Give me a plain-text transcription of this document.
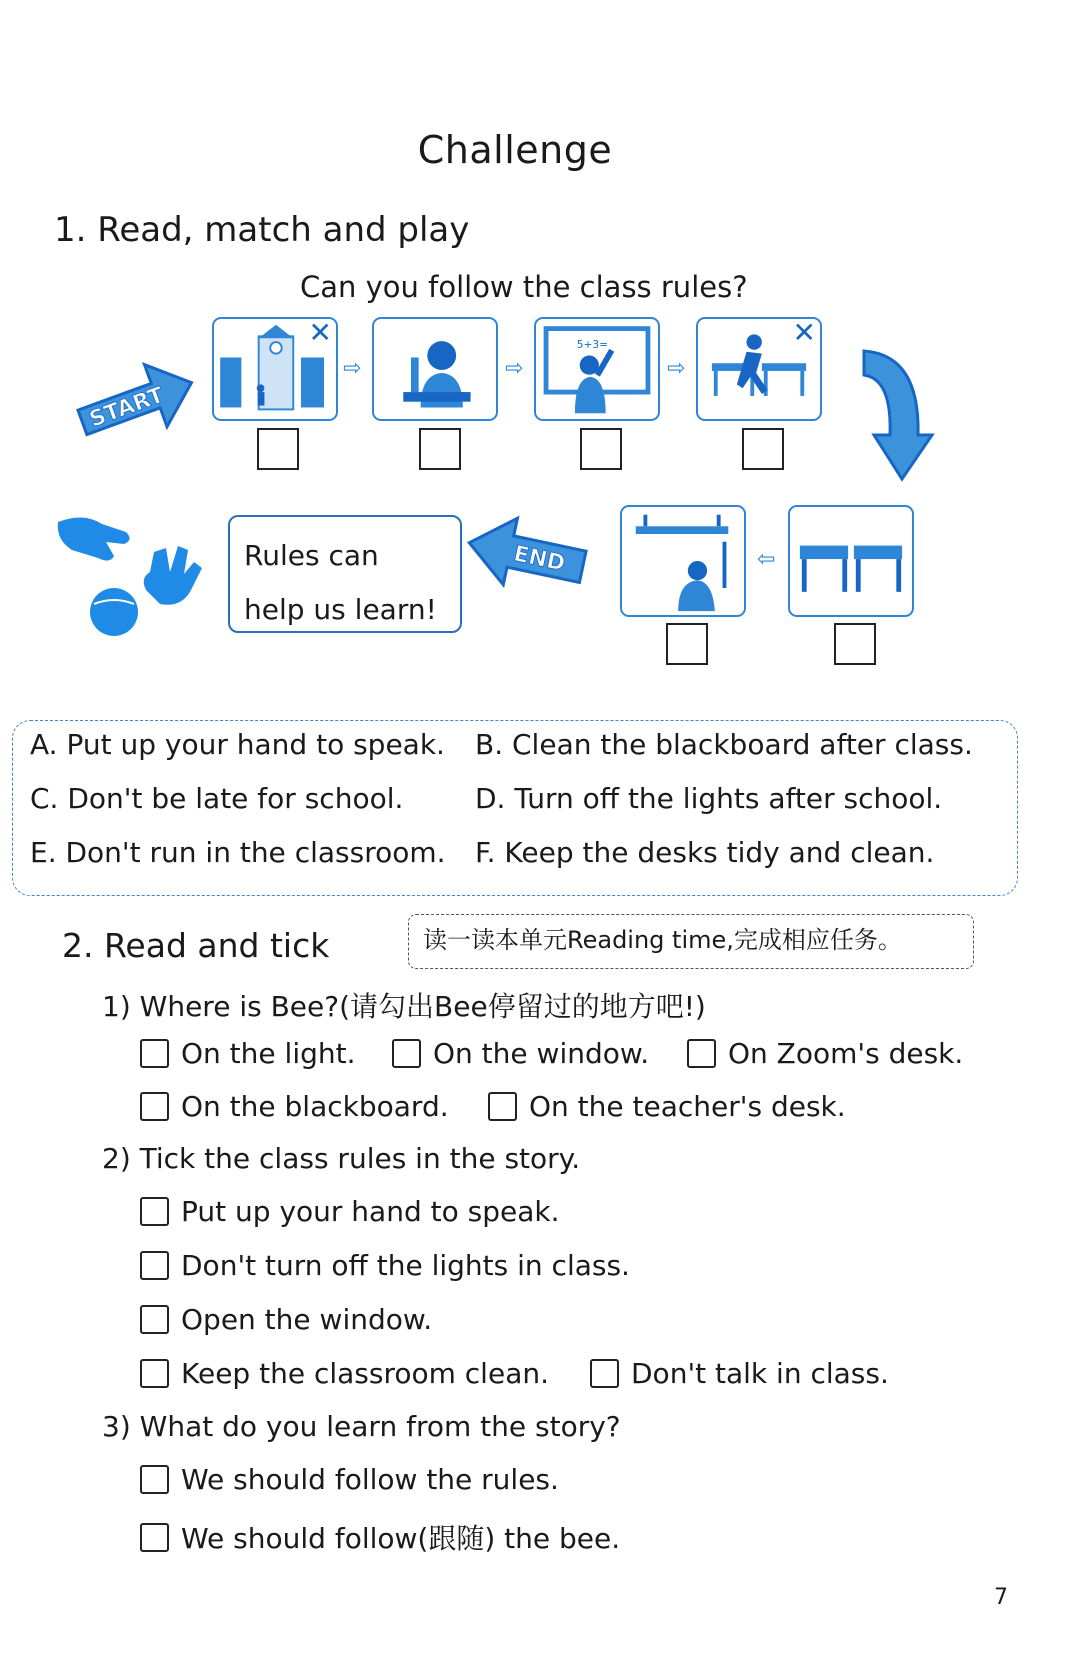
Challenge
1. Read, match and play
Can you follow the class rules?
START
✕
⇨	⇨
5+3=
⇨
✕
Rules can
help us learn!
END	⇦
A. Put up your hand to speak. B. Clean the blackboard after class.
C. Don't be late for school.	D. Turn off the lights after school.
E. Don't run in the classroom. F. Keep the desks tidy and clean.
2. Read and tick	读一读本单元Reading time,完成相应任务。
1) Where is Bee?(请勾出Bee停留过的地方吧!)
On the light.	On the window.	On Zoom's desk.
On the blackboard.	On the teacher's desk.
2) Tick the class rules in the story.
Put up your hand to speak.
Don't turn off the lights in class.
Open the window.
Keep the classroom clean.	Don't talk in class.
3) What do you learn from the story?
We should follow the rules.
We should follow(跟随) the bee.
7
